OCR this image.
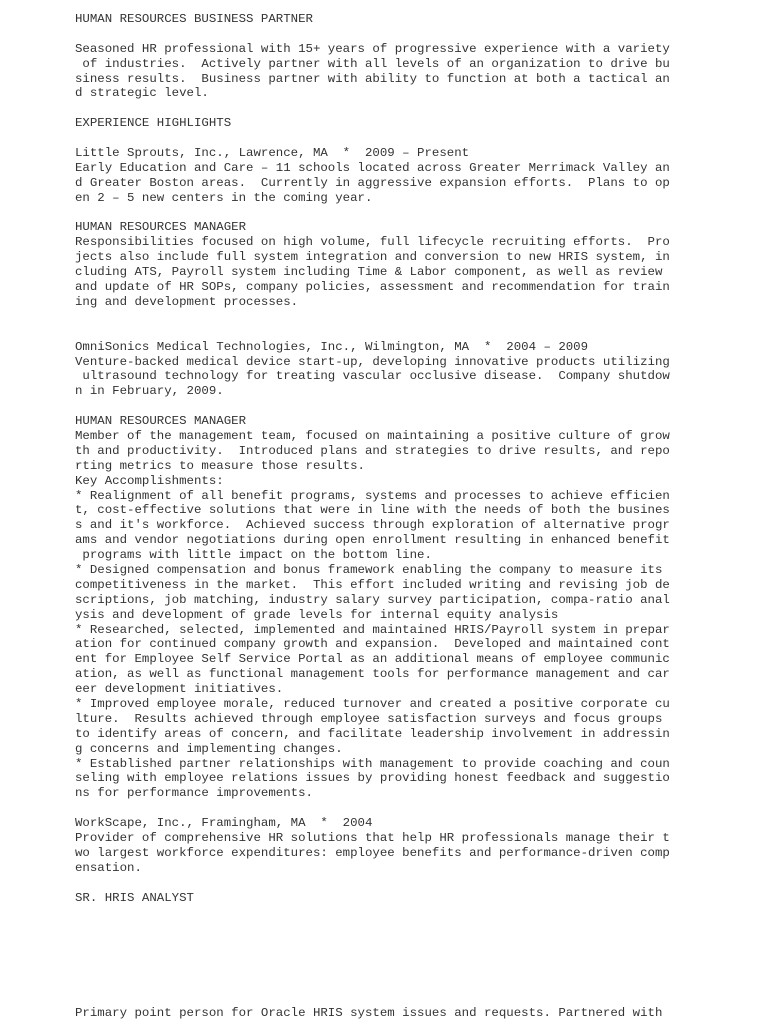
HUMAN RESOURCES BUSINESS PARTNER
Seasoned HR professional with 15+ years of progressive experience with a variety
of industries.  Actively partner with all levels of an organization to drive bu
siness results.  Business partner with ability to function at both a tactical an
d strategic level.
EXPERIENCE HIGHLIGHTS
Little Sprouts, Inc., Lawrence, MA  *  2009 – Present
Early Education and Care – 11 schools located across Greater Merrimack Valley an
d Greater Boston areas.  Currently in aggressive expansion efforts.  Plans to op
en 2 – 5 new centers in the coming year.
HUMAN RESOURCES MANAGER
Responsibilities focused on high volume, full lifecycle recruiting efforts.  Pro
jects also include full system integration and conversion to new HRIS system, in
cluding ATS, Payroll system including Time & Labor component, as well as review
and update of HR SOPs, company policies, assessment and recommendation for train
ing and development processes.
OmniSonics Medical Technologies, Inc., Wilmington, MA  *  2004 – 2009
Venture-backed medical device start-up, developing innovative products utilizing
ultrasound technology for treating vascular occlusive disease.  Company shutdow
n in February, 2009.
HUMAN RESOURCES MANAGER
Member of the management team, focused on maintaining a positive culture of grow
th and productivity.  Introduced plans and strategies to drive results, and repo
rting metrics to measure those results.
Key Accomplishments:
* Realignment of all benefit programs, systems and processes to achieve efficien
t, cost-effective solutions that were in line with the needs of both the busines
s and it's workforce.  Achieved success through exploration of alternative progr
ams and vendor negotiations during open enrollment resulting in enhanced benefit
programs with little impact on the bottom line.
* Designed compensation and bonus framework enabling the company to measure its
competitiveness in the market.  This effort included writing and revising job de
scriptions, job matching, industry salary survey participation, compa-ratio anal
ysis and development of grade levels for internal equity analysis
* Researched, selected, implemented and maintained HRIS/Payroll system in prepar
ation for continued company growth and expansion.  Developed and maintained cont
ent for Employee Self Service Portal as an additional means of employee communic
ation, as well as functional management tools for performance management and car
eer development initiatives.
* Improved employee morale, reduced turnover and created a positive corporate cu
lture.  Results achieved through employee satisfaction surveys and focus groups
to identify areas of concern, and facilitate leadership involvement in addressin
g concerns and implementing changes.
* Established partner relationships with management to provide coaching and coun
seling with employee relations issues by providing honest feedback and suggestio
ns for performance improvements.
WorkScape, Inc., Framingham, MA  *  2004
Provider of comprehensive HR solutions that help HR professionals manage their t
wo largest workforce expenditures: employee benefits and performance-driven comp
ensation.
SR. HRIS ANALYST
Primary point person for Oracle HRIS system issues and requests. Partnered with
